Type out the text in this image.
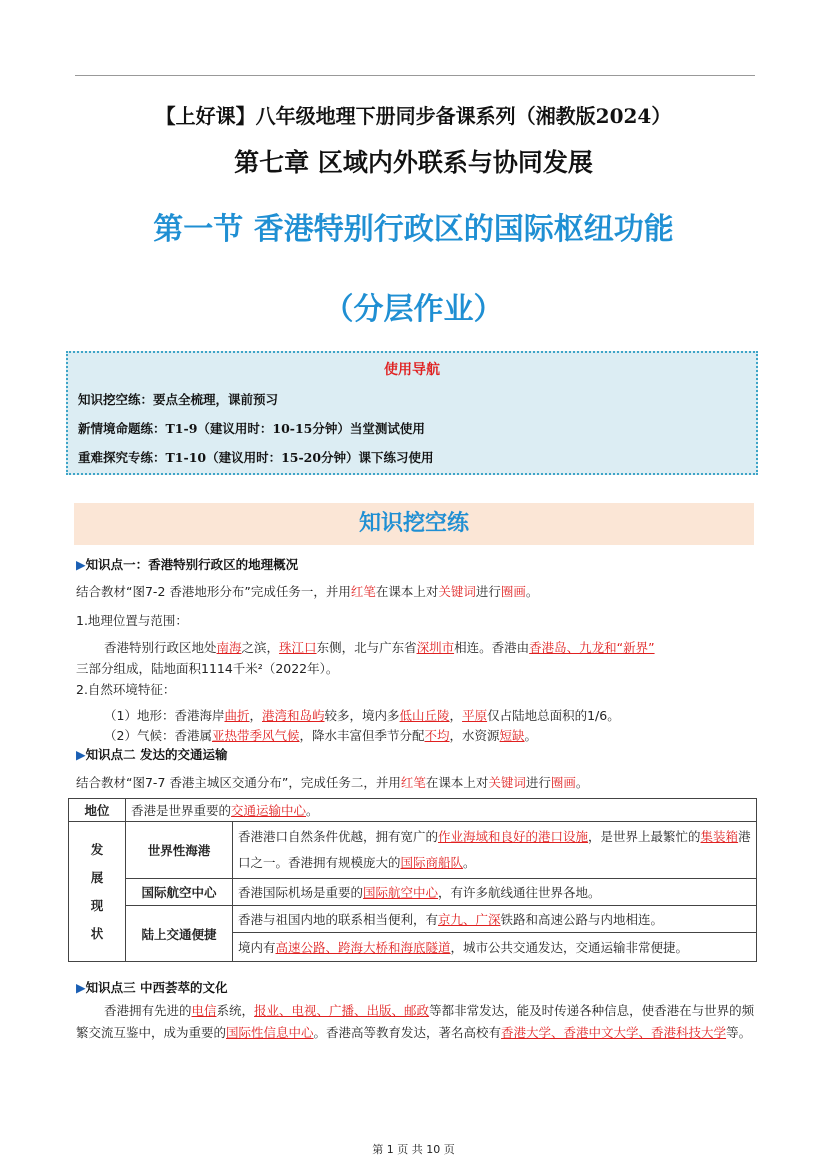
【上好课】八年级地理下册同步备课系列（湘教版2024）
第七章 区域内外联系与协同发展
第一节 香港特别行政区的国际枢纽功能
（分层作业）
使用导航
知识挖空练：要点全梳理，课前预习
新情境命题练：T1-9（建议用时：10-15分钟）当堂测试使用
重难探究专练：T1-10（建议用时：15-20分钟）课下练习使用
知识挖空练
▶知识点一：香港特别行政区的地理概况
结合教材“图7-2 香港地形分布”完成任务一，并用红笔在课本上对关键词进行圈画。
1.地理位置与范围：
香港特别行政区地处南海之滨，珠江口东侧，北与广东省深圳市相连。香港由香港岛、九龙和“新界”
三部分组成，陆地面积1114千米²（2022年）。
2.自然环境特征：
（1）地形：香港海岸曲折，港湾和岛屿较多，境内多低山丘陵，平原仅占陆地总面积的1/6。
（2）气候：香港属亚热带季风气候，降水丰富但季节分配不均，水资源短缺。
▶知识点二 发达的交通运输
结合教材“图7-7 香港主城区交通分布”，完成任务二，并用红笔在课本上对关键词进行圈画。
地位	香港是世界重要的交通运输中心。	

发
展
现
状	世界性海港	香港港口自然条件优越，拥有宽广的作业海域和良好的港口设施，是世界上最繁忙的集装箱港口之一。香港拥有规模庞大的国际商船队。
	国际航空中心	香港国际机场是重要的国际航空中心，有许多航线通往世界各地。
	陆上交通便捷	香港与祖国内地的联系相当便利，有京九、广深铁路和高速公路与内地相连。
		境内有高速公路、跨海大桥和海底隧道，城市公共交通发达，交通运输非常便捷。
▶知识点三 中西荟萃的文化
香港拥有先进的电信系统，报业、电视、广播、出版、邮政等都非常发达，能及时传递各种信息，使香港在与世界的频繁交流互鉴中，成为重要的国际性信息中心。香港高等教育发达，著名高校有香港大学、香港中文大学、香港科技大学等。
第 1 页 共 10 页
